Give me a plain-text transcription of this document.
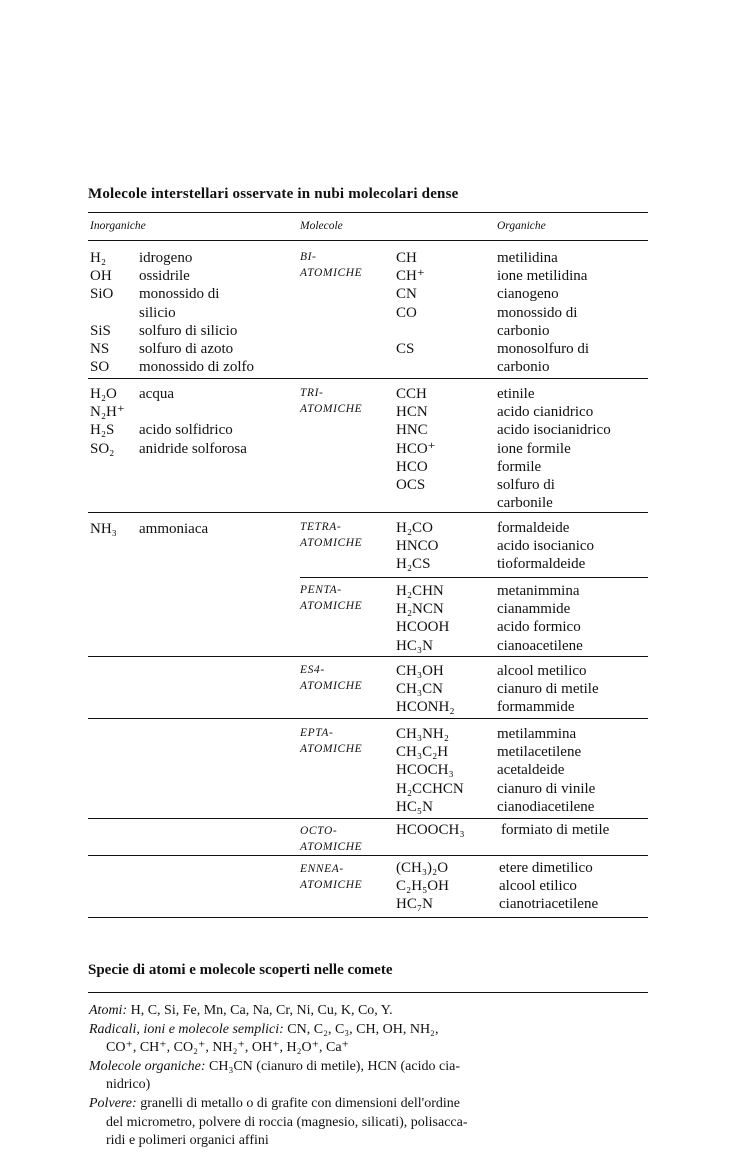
Molecole interstellari osservate in nubi molecolari dense
Inorganiche	Molecole	Organiche
H₂
OH
SiO

SiS
NS
SO
idrogeno
ossidrile
monossido di
silicio
solfuro di silicio
solfuro di azoto
monossido di zolfo
H₂O
N₂H⁺
H₂S
SO₂
acqua

acido solfidrico
anidride solforosa
NH₃ ammoniaca
BI-
ATOMICHE
CH
CH⁺
CN
CO

CS
metilidina
ione metilidina
cianogeno
monossido di
carbonio
monosolfuro di
carbonio
TRI-
ATOMICHE
CCH
HCN
HNC
HCO⁺
HCO
OCS
etinile
acido cianidrico
acido isocianidrico
ione formile
formile
solfuro di
carbonile
TETRA-
ATOMICHE
H₂CO
HNCO
H₂CS
formaldeide
acido isocianico
tioformaldeide
PENTA-
ATOMICHE
H₂CHN
H₂NCN
HCOOH
HC₃N
metanimmina
cianammide
acido formico
cianoacetilene
ES4-
ATOMICHE
CH₃OH
CH₃CN
HCONH₂
alcool metilico
cianuro di metile
formammide
EPTA-
ATOMICHE
CH₃NH₂
CH₃C₂H
HCOCH₃
H₂CCHCN
HC₅N
metilammina
metilacetilene
acetaldeide
cianuro di vinile
cianodiacetilene
OCTO-
ATOMICHE
HCOOCH₃ formiato di metile
ENNEA-
ATOMICHE
(CH₃)₂O
C₂H₅OH
HC₇N
etere dimetilico
alcool etilico
cianotriacetilene
Specie di atomi e molecole scoperti nelle comete

Atomi: H, C, Si, Fe, Mn, Ca, Na, Cr, Ni, Cu, K, Co, Y.

Radicali, ioni e molecole semplici: CN, C₂, C₃, CH, OH, NH₂,

CO⁺, CH⁺, CO₂⁺, NH₂⁺, OH⁺, H₂O⁺, Ca⁺

Molecole organiche: CH₃CN (cianuro di metile), HCN (acido cia-

nidrico)

Polvere: granelli di metallo o di grafite con dimensioni dell'ordine

del micrometro, polvere di roccia (magnesio, silicati), polisacca-

ridi e polimeri organici affini
